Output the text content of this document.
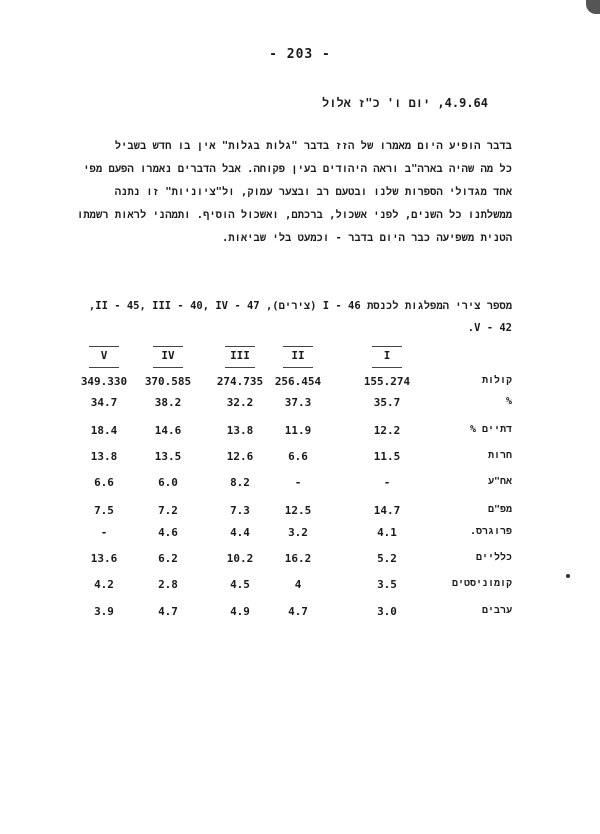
- 203 -
4.9.64, יום ו' כ"ז אלול
בדבר הופיע היום מאמרו של הזז בדבר "גלות בגלות" אין בו חדש בשביל
כל מה שהיה בארה"ב וראה היהודים בעין פקוחה. אבל הדברים נאמרו הפעם מפי
אחד מגדולי הספרות שלנו ובטעם רב ובצער עמוק, ול"ציוניות" זו נתנה
ממשלתנו כל השנים, לפני אשכול, ברכתם, ואשכול הוסיף. ותמהני לראות רשמתו
הטנית משפיעה כבר היום בדבר - וכמעט בלי שביאות.
מספר צירי המפלגות לכנסת I - 46 (צירים), II - 45, III - 40, IV - 47,
V - 42.
I
II
III
IV
V
קולות
155.274
256.454
274.735
370.585
349.330
%
35.7
37.3
32.2
38.2
34.7
דתיים %
12.2
11.9
13.8
14.6
18.4
חרות
11.5
6.6
12.6
13.5
13.8
אח"ע
-
-
8.2
6.0
6.6
מפ"ם
14.7
12.5
7.3
7.2
7.5
פרוגרס.
4.1
3.2
4.4
4.6
-
כלליים
5.2
16.2
10.2
6.2
13.6
קומוניסטים
3.5
4
4.5
2.8
4.2
ערבים
3.0
4.7
4.9
4.7
3.9
